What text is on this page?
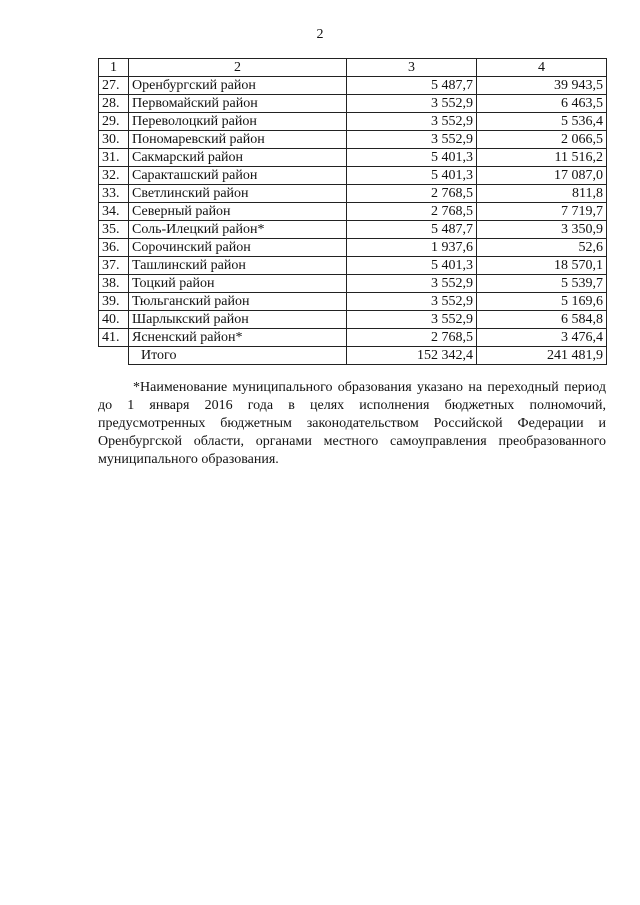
2
1	2	3	4
27.	Оренбургский район	5 487,7	39 943,5
28.	Первомайский район	3 552,9	6 463,5
29.	Переволоцкий район	3 552,9	5 536,4
30.	Пономаревский район	3 552,9	2 066,5
31.	Сакмарский район	5 401,3	11 516,2
32.	Саракташский район	5 401,3	17 087,0
33.	Светлинский район	2 768,5	811,8
34.	Северный район	2 768,5	7 719,7
35.	Соль-Илецкий район*	5 487,7	3 350,9
36.	Сорочинский район	1 937,6	52,6
37.	Ташлинский район	5 401,3	18 570,1
38.	Тоцкий район	3 552,9	5 539,7
39.	Тюльганский район	3 552,9	5 169,6
40.	Шарлыкский район	3 552,9	6 584,8
41.	Ясненский район*	2 768,5	3 476,4
	Итого	152 342,4	241 481,9

*Наименование муниципального образования указано на переходный период до 1 января 2016 года в целях исполнения бюджетных полномочий, предусмотренных бюджетным законодательством Российской Федерации и Оренбургской области, органами местного самоуправления преобразованного муниципального образования.
